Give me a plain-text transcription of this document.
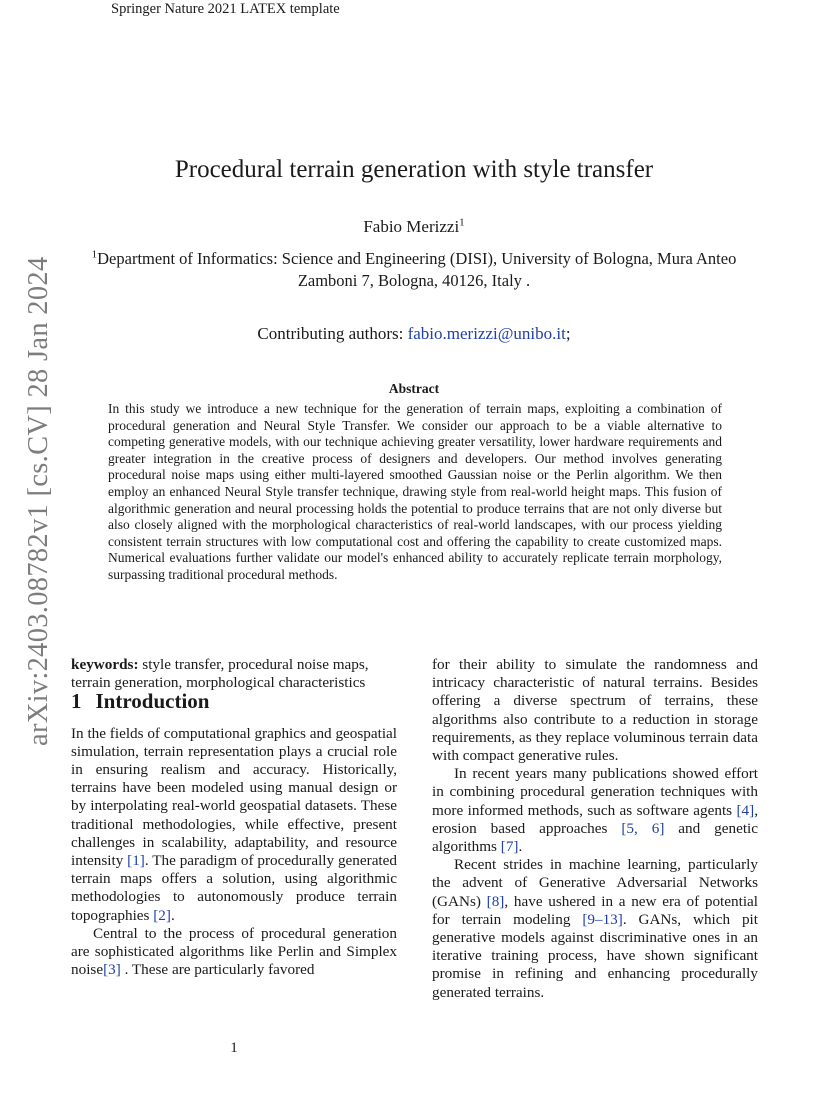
Springer Nature 2021 LATEX template
arXiv:2403.08782v1 [cs.CV] 28 Jan 2024
Procedural terrain generation with style transfer
Fabio Merizzi$^1$
$^1$Department of Informatics: Science and Engineering (DISI), University of Bologna, Mura Anteo Zamboni 7, Bologna, 40126, Italy .
Contributing authors: fabio.merizzi@unibo.it;
Abstract
In this study we introduce a new technique for the generation of terrain maps, exploiting a combination of procedural generation and Neural Style Transfer. We consider our approach to be a viable alternative to competing generative models, with our technique achieving greater versatility, lower hardware requirements and greater integration in the creative process of designers and developers. Our method involves generating procedural noise maps using either multi-layered smoothed Gaussian noise or the Perlin algorithm. We then employ an enhanced Neural Style transfer technique, drawing style from real-world height maps. This fusion of algorithmic generation and neural processing holds the potential to produce terrains that are not only diverse but also closely aligned with the morphological characteristics of real-world landscapes, with our process yielding consistent terrain structures with low computational cost and offering the capability to create customized maps. Numerical evaluations further validate our model's enhanced ability to accurately replicate terrain morphology, surpassing traditional procedural methods.

keywords: style transfer, procedural noise maps, terrain generation, morphological characteristics

1 Introduction

In the fields of computational graphics and geospatial simulation, terrain representation plays a crucial role in ensuring realism and accuracy. Historically, terrains have been modeled using manual design or by interpolating real-world geospatial datasets. These traditional methodologies, while effective, present challenges in scalability, adaptability, and resource intensity [1]. The paradigm of procedurally generated terrain maps offers a solution, using algorithmic methodologies to autonomously produce terrain topographies [2].

Central to the process of procedural generation are sophisticated algorithms like Perlin and Simplex noise[3] . These are particularly favored

for their ability to simulate the randomness and intricacy characteristic of natural terrains. Besides offering a diverse spectrum of terrains, these algorithms also contribute to a reduction in storage requirements, as they replace voluminous terrain data with compact generative rules.

In recent years many publications showed effort in combining procedural generation techniques with more informed methods, such as software agents [4], erosion based approaches [5, 6] and genetic algorithms [7].

Recent strides in machine learning, particularly the advent of Generative Adversarial Networks (GANs) [8], have ushered in a new era of potential for terrain modeling [9–13]. GANs, which pit generative models against discriminative ones in an iterative training process, have shown significant promise in refining and enhancing procedurally generated terrains.

1
